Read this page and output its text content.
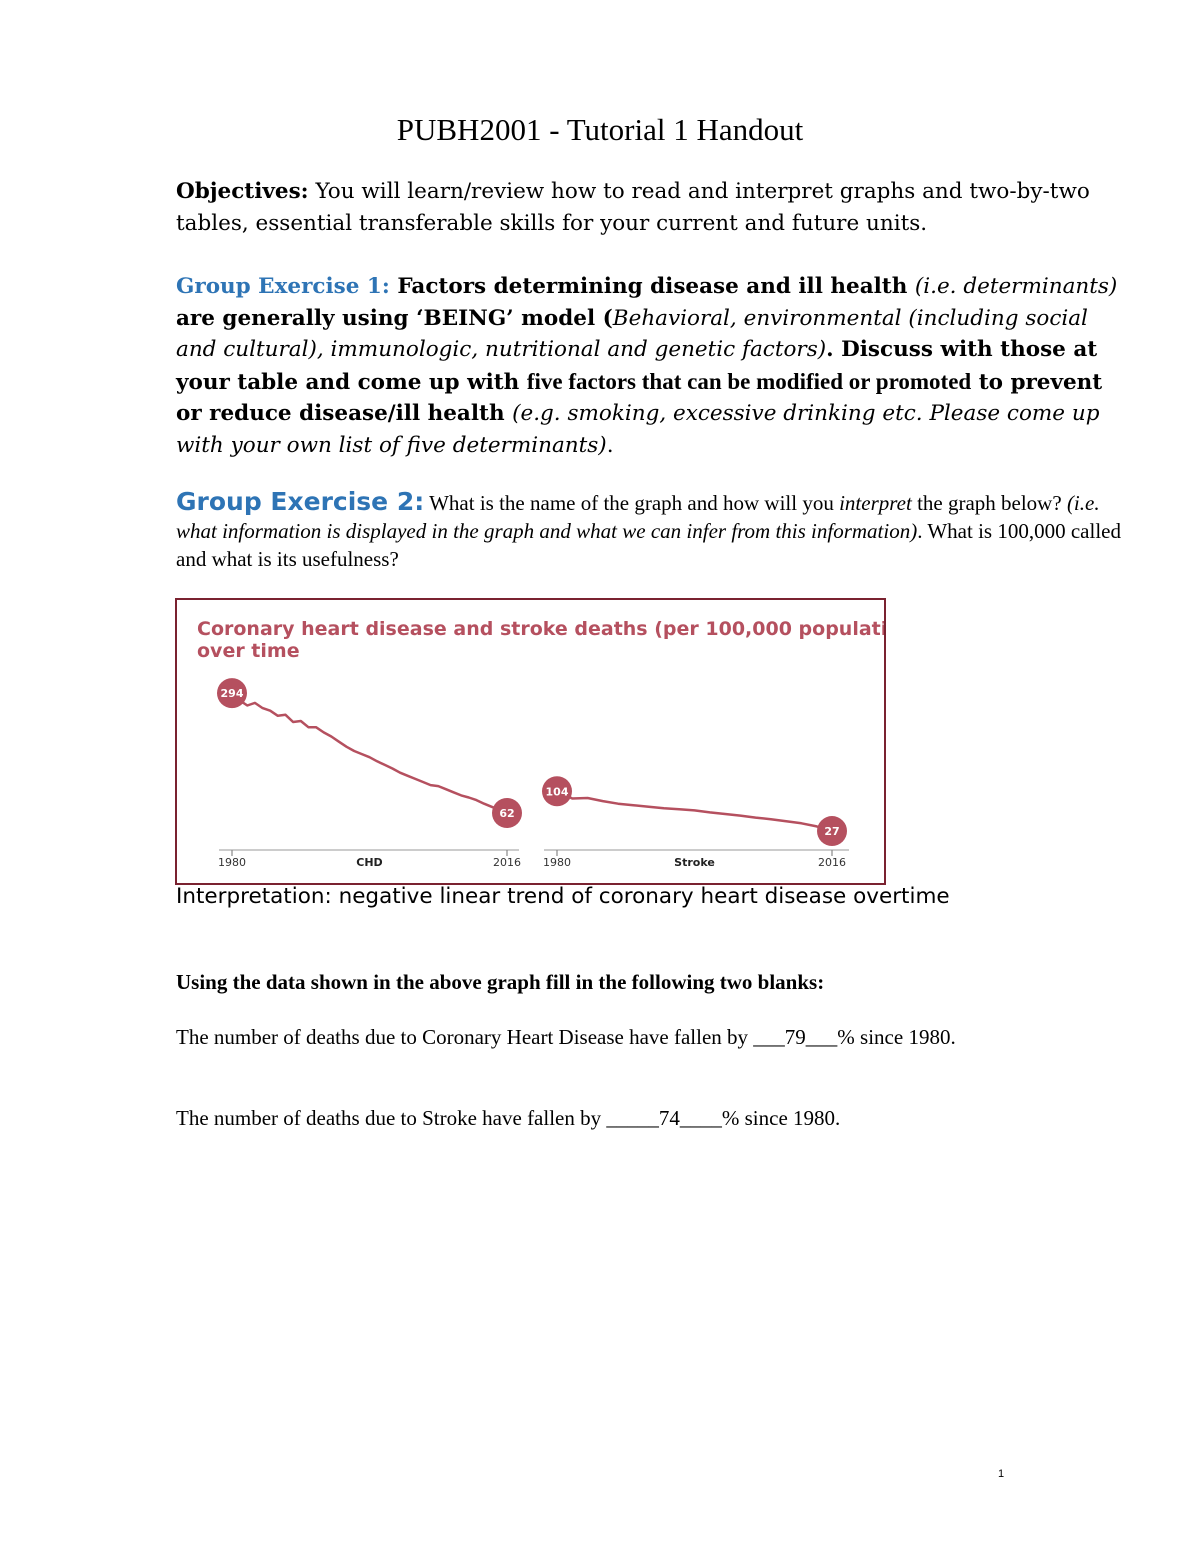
PUBH2001 - Tutorial 1 Handout

Objectives: You will learn/review how to read and interpret graphs and two-by-two tables, essential transferable skills for your current and future units.

Group Exercise 1: Factors determining disease and ill health (i.e. determinants) are generally using ‘BEING’ model (Behavioral, environmental (including social and cultural), immunologic, nutritional and genetic factors). Discuss with those at your table and come up with five factors that can be modified or promoted to prevent or reduce disease/ill health (e.g. smoking, excessive drinking etc. Please come up with your own list of five determinants).

Group Exercise 2: What is the name of the graph and how will you interpret the graph below? (i.e. what information is displayed in the graph and what we can infer from this information). What is 100,000 called and what is its usefulness?

Coronary heart disease and stroke deaths (per 100,000 population)
over time
294
62
1980	2016
CHD
104
27
1980	2016
Stroke
Interpretation: negative linear trend of coronary heart disease overtime

Using the data shown in the above graph fill in the following two blanks:

The number of deaths due to Coronary Heart Disease have fallen by ___79___% since 1980.

The number of deaths due to Stroke have fallen by _____74____% since 1980.

1
